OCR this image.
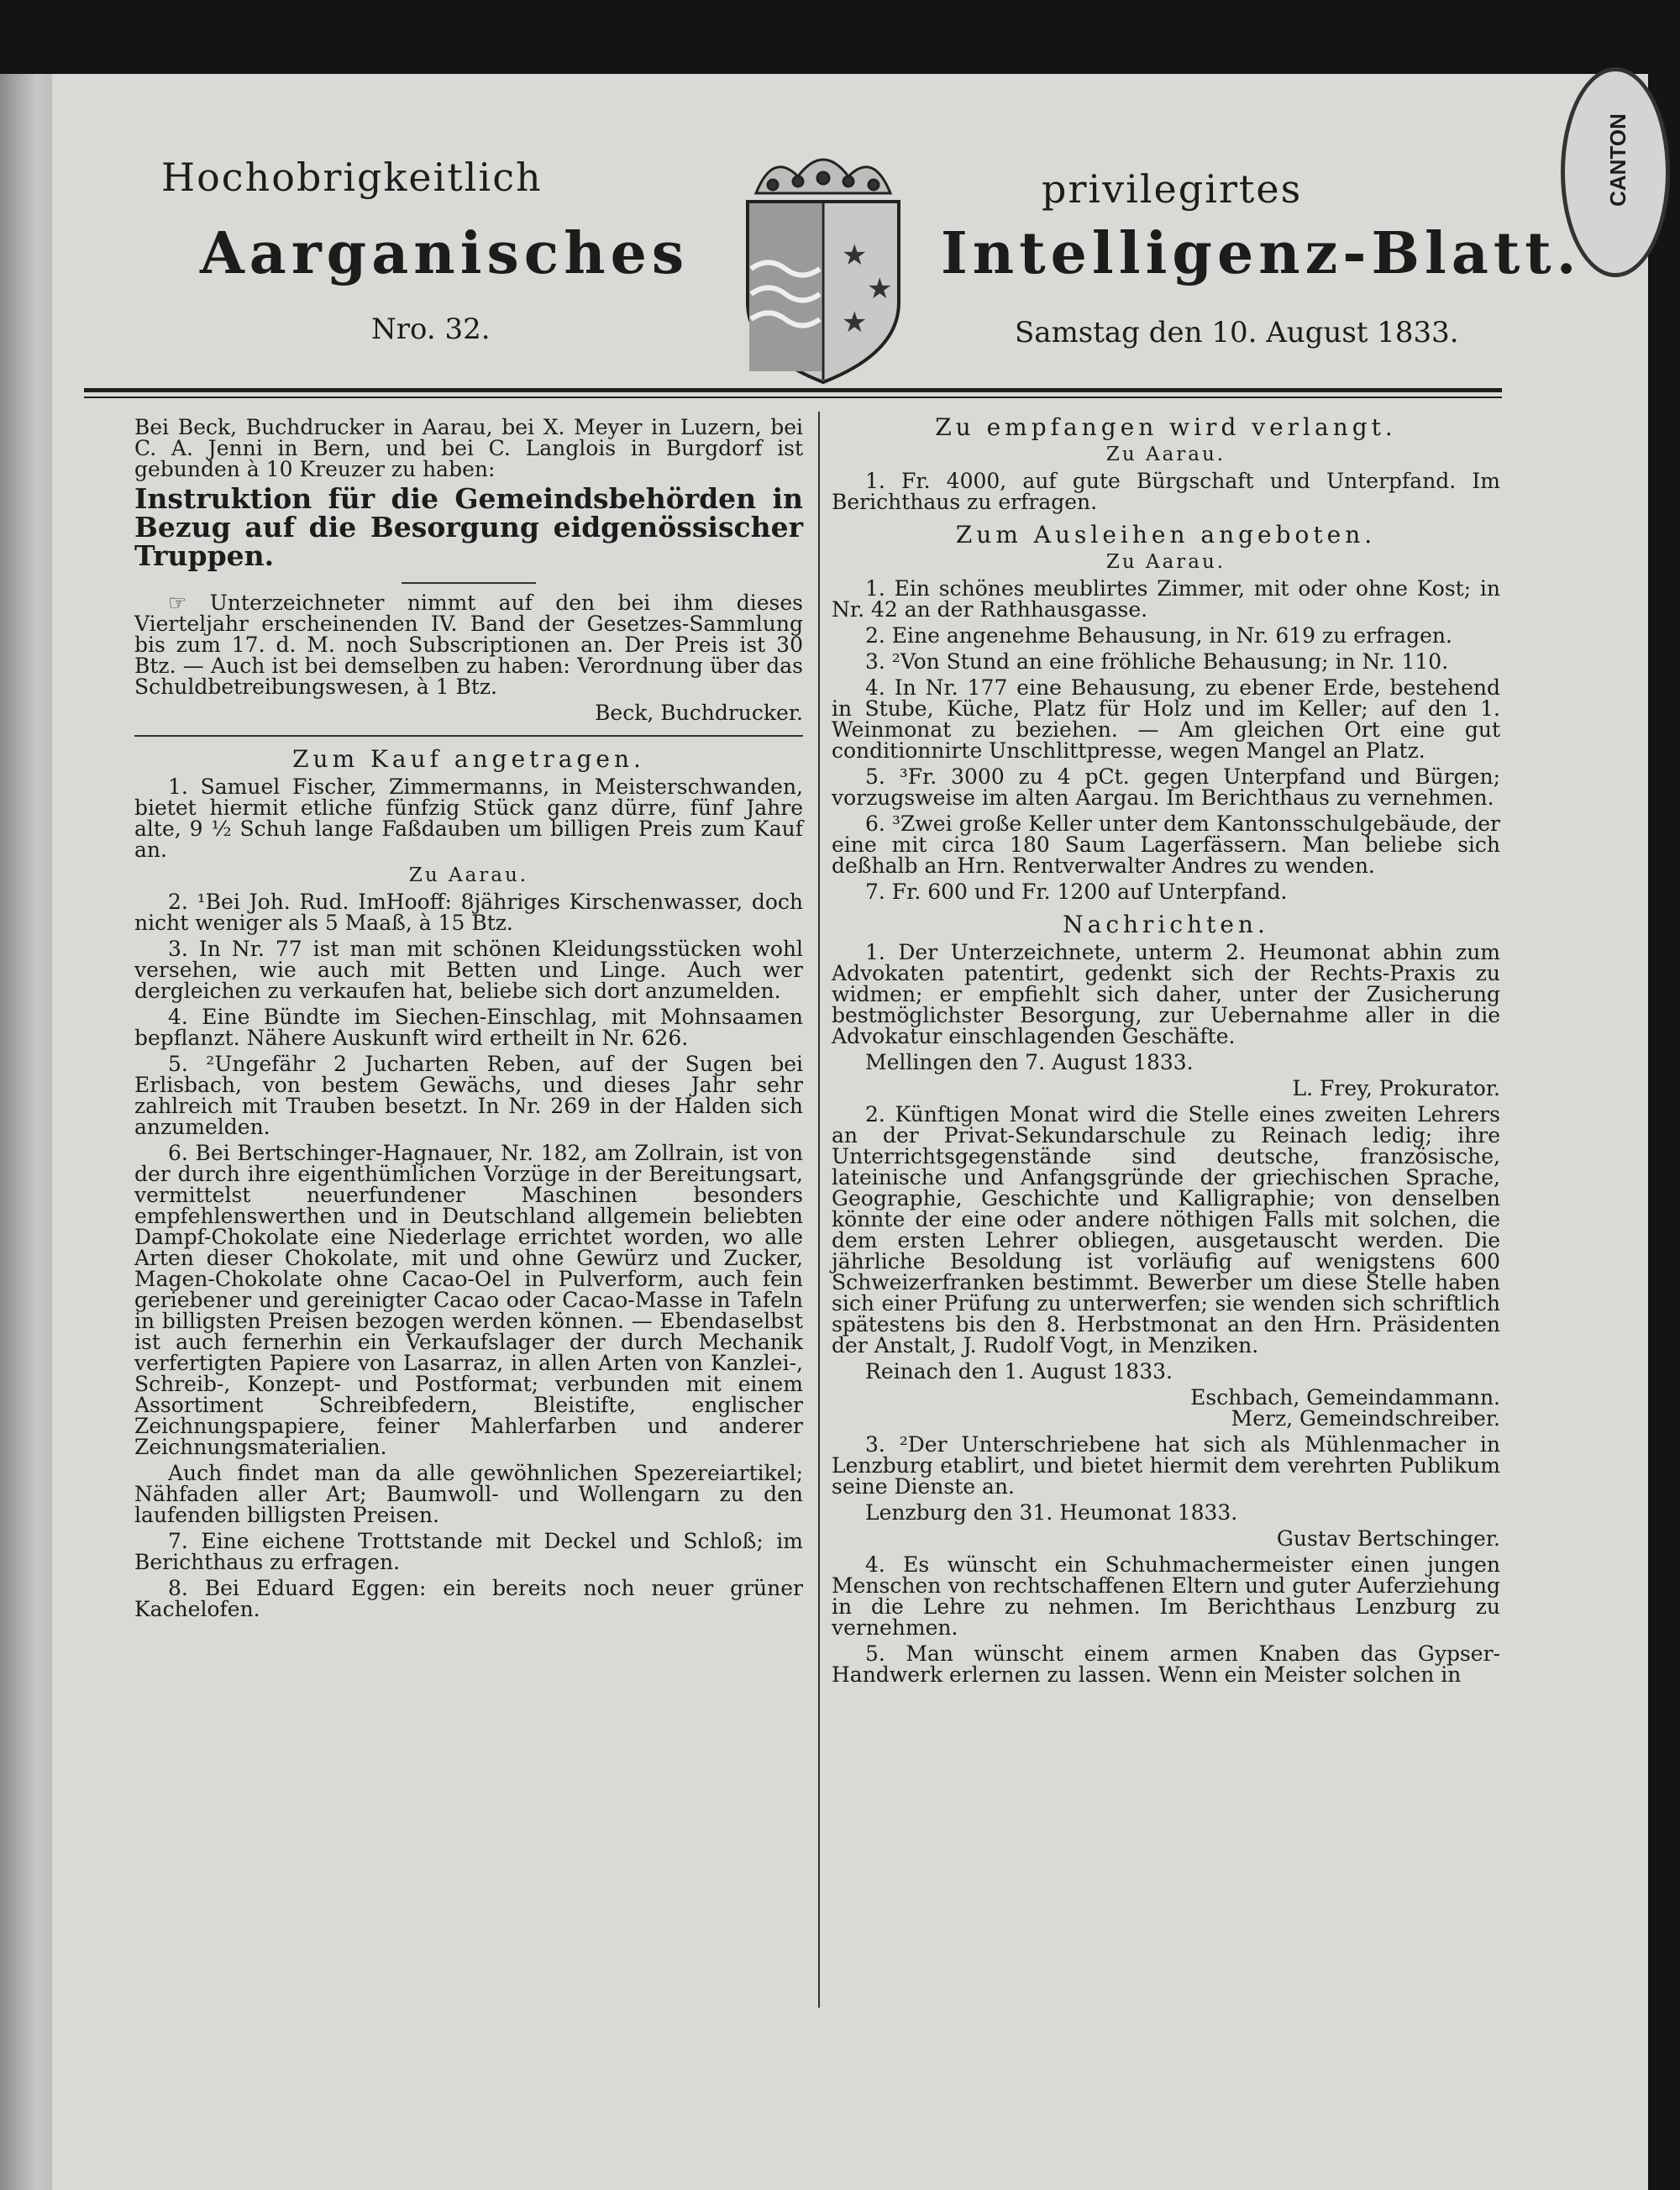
CANTON
Hochobrigkeitlich	privilegirtes
Aarganisches	Intelligenz-Blatt.
★
★
★
Nro. 32.	Samstag den 10. August 1833.

Bei Beck, Buchdrucker in Aarau, bei X. Meyer in Luzern, bei C. A. Jenni in Bern, und bei C. Langlois in Burgdorf ist gebunden à 10 Kreuzer zu haben:

Instruktion für die Gemeindsbehörden in Bezug auf die Besorgung eidgenössischer Truppen.

☞ Unterzeichneter nimmt auf den bei ihm dieses Vierteljahr erscheinenden IV. Band der Gesetzes-Sammlung bis zum 17. d. M. noch Subscriptionen an. Der Preis ist 30 Btz. — Auch ist bei demselben zu haben: Verordnung über das Schuldbetreibungswesen, à 1 Btz.

Beck, Buchdrucker.

Zum Kauf angetragen.

1. Samuel Fischer, Zimmermanns, in Meisterschwanden, bietet hiermit etliche fünfzig Stück ganz dürre, fünf Jahre alte, 9 ½ Schuh lange Faßdauben um billigen Preis zum Kauf an.

Zu Aarau.

2. ¹Bei Joh. Rud. ImHooff: 8jähriges Kirschenwasser, doch nicht weniger als 5 Maaß, à 15 Btz.

3. In Nr. 77 ist man mit schönen Kleidungsstücken wohl versehen, wie auch mit Betten und Linge. Auch wer dergleichen zu verkaufen hat, beliebe sich dort anzumelden.

4. Eine Bündte im Siechen-Einschlag, mit Mohnsaamen bepflanzt. Nähere Auskunft wird ertheilt in Nr. 626.

5. ²Ungefähr 2 Jucharten Reben, auf der Sugen bei Erlisbach, von bestem Gewächs, und dieses Jahr sehr zahlreich mit Trauben besetzt. In Nr. 269 in der Halden sich anzumelden.

6. Bei Bertschinger-Hagnauer, Nr. 182, am Zollrain, ist von der durch ihre eigenthümlichen Vorzüge in der Bereitungsart, vermittelst neuerfundener Maschinen besonders empfehlenswerthen und in Deutschland allgemein beliebten Dampf-Chokolate eine Niederlage errichtet worden, wo alle Arten dieser Chokolate, mit und ohne Gewürz und Zucker, Magen-Chokolate ohne Cacao-Oel in Pulverform, auch fein geriebener und gereinigter Cacao oder Cacao-Masse in Tafeln in billigsten Preisen bezogen werden können. — Ebendaselbst ist auch fernerhin ein Verkaufslager der durch Mechanik verfertigten Papiere von Lasarraz, in allen Arten von Kanzlei-, Schreib-, Konzept- und Postformat; verbunden mit einem Assortiment Schreibfedern, Bleistifte, englischer Zeichnungspapiere, feiner Mahlerfarben und anderer Zeichnungsmaterialien.

Auch findet man da alle gewöhnlichen Spezereiartikel; Nähfaden aller Art; Baumwoll- und Wollengarn zu den laufenden billigsten Preisen.

7. Eine eichene Trottstande mit Deckel und Schloß; im Berichthaus zu erfragen.

8. Bei Eduard Eggen: ein bereits noch neuer grüner Kachelofen.

Zu empfangen wird verlangt.

Zu Aarau.

1. Fr. 4000, auf gute Bürgschaft und Unterpfand. Im Berichthaus zu erfragen.

Zum Ausleihen angeboten.

Zu Aarau.

1. Ein schönes meublirtes Zimmer, mit oder ohne Kost; in Nr. 42 an der Rathhausgasse.

2. Eine angenehme Behausung, in Nr. 619 zu erfragen.

3. ²Von Stund an eine fröhliche Behausung; in Nr. 110.

4. In Nr. 177 eine Behausung, zu ebener Erde, bestehend in Stube, Küche, Platz für Holz und im Keller; auf den 1. Weinmonat zu beziehen. — Am gleichen Ort eine gut conditionnirte Unschlittpresse, wegen Mangel an Platz.

5. ³Fr. 3000 zu 4 pCt. gegen Unterpfand und Bürgen; vorzugsweise im alten Aargau. Im Berichthaus zu vernehmen.

6. ³Zwei große Keller unter dem Kantonsschulgebäude, der eine mit circa 180 Saum Lagerfässern. Man beliebe sich deßhalb an Hrn. Rentverwalter Andres zu wenden.

7. Fr. 600 und Fr. 1200 auf Unterpfand.

Nachrichten.

1. Der Unterzeichnete, unterm 2. Heumonat abhin zum Advokaten patentirt, gedenkt sich der Rechts-Praxis zu widmen; er empfiehlt sich daher, unter der Zusicherung bestmöglichster Besorgung, zur Uebernahme aller in die Advokatur einschlagenden Geschäfte.

Mellingen den 7. August 1833.

L. Frey, Prokurator.

2. Künftigen Monat wird die Stelle eines zweiten Lehrers an der Privat-Sekundarschule zu Reinach ledig; ihre Unterrichtsgegenstände sind deutsche, französische, lateinische und Anfangsgründe der griechischen Sprache, Geographie, Geschichte und Kalligraphie; von denselben könnte der eine oder andere nöthigen Falls mit solchen, die dem ersten Lehrer obliegen, ausgetauscht werden. Die jährliche Besoldung ist vorläufig auf wenigstens 600 Schweizerfranken bestimmt. Bewerber um diese Stelle haben sich einer Prüfung zu unterwerfen; sie wenden sich schriftlich spätestens bis den 8. Herbstmonat an den Hrn. Präsidenten der Anstalt, J. Rudolf Vogt, in Menziken.

Reinach den 1. August 1833.

Eschbach, Gemeindammann.

Merz, Gemeindschreiber.

3. ²Der Unterschriebene hat sich als Mühlenmacher in Lenzburg etablirt, und bietet hiermit dem verehrten Publikum seine Dienste an.

Lenzburg den 31. Heumonat 1833.

Gustav Bertschinger.

4. Es wünscht ein Schuhmachermeister einen jungen Menschen von rechtschaffenen Eltern und guter Auferziehung in die Lehre zu nehmen. Im Berichthaus Lenzburg zu vernehmen.

5. Man wünscht einem armen Knaben das Gypser-Handwerk erlernen zu lassen. Wenn ein Meister solchen in
